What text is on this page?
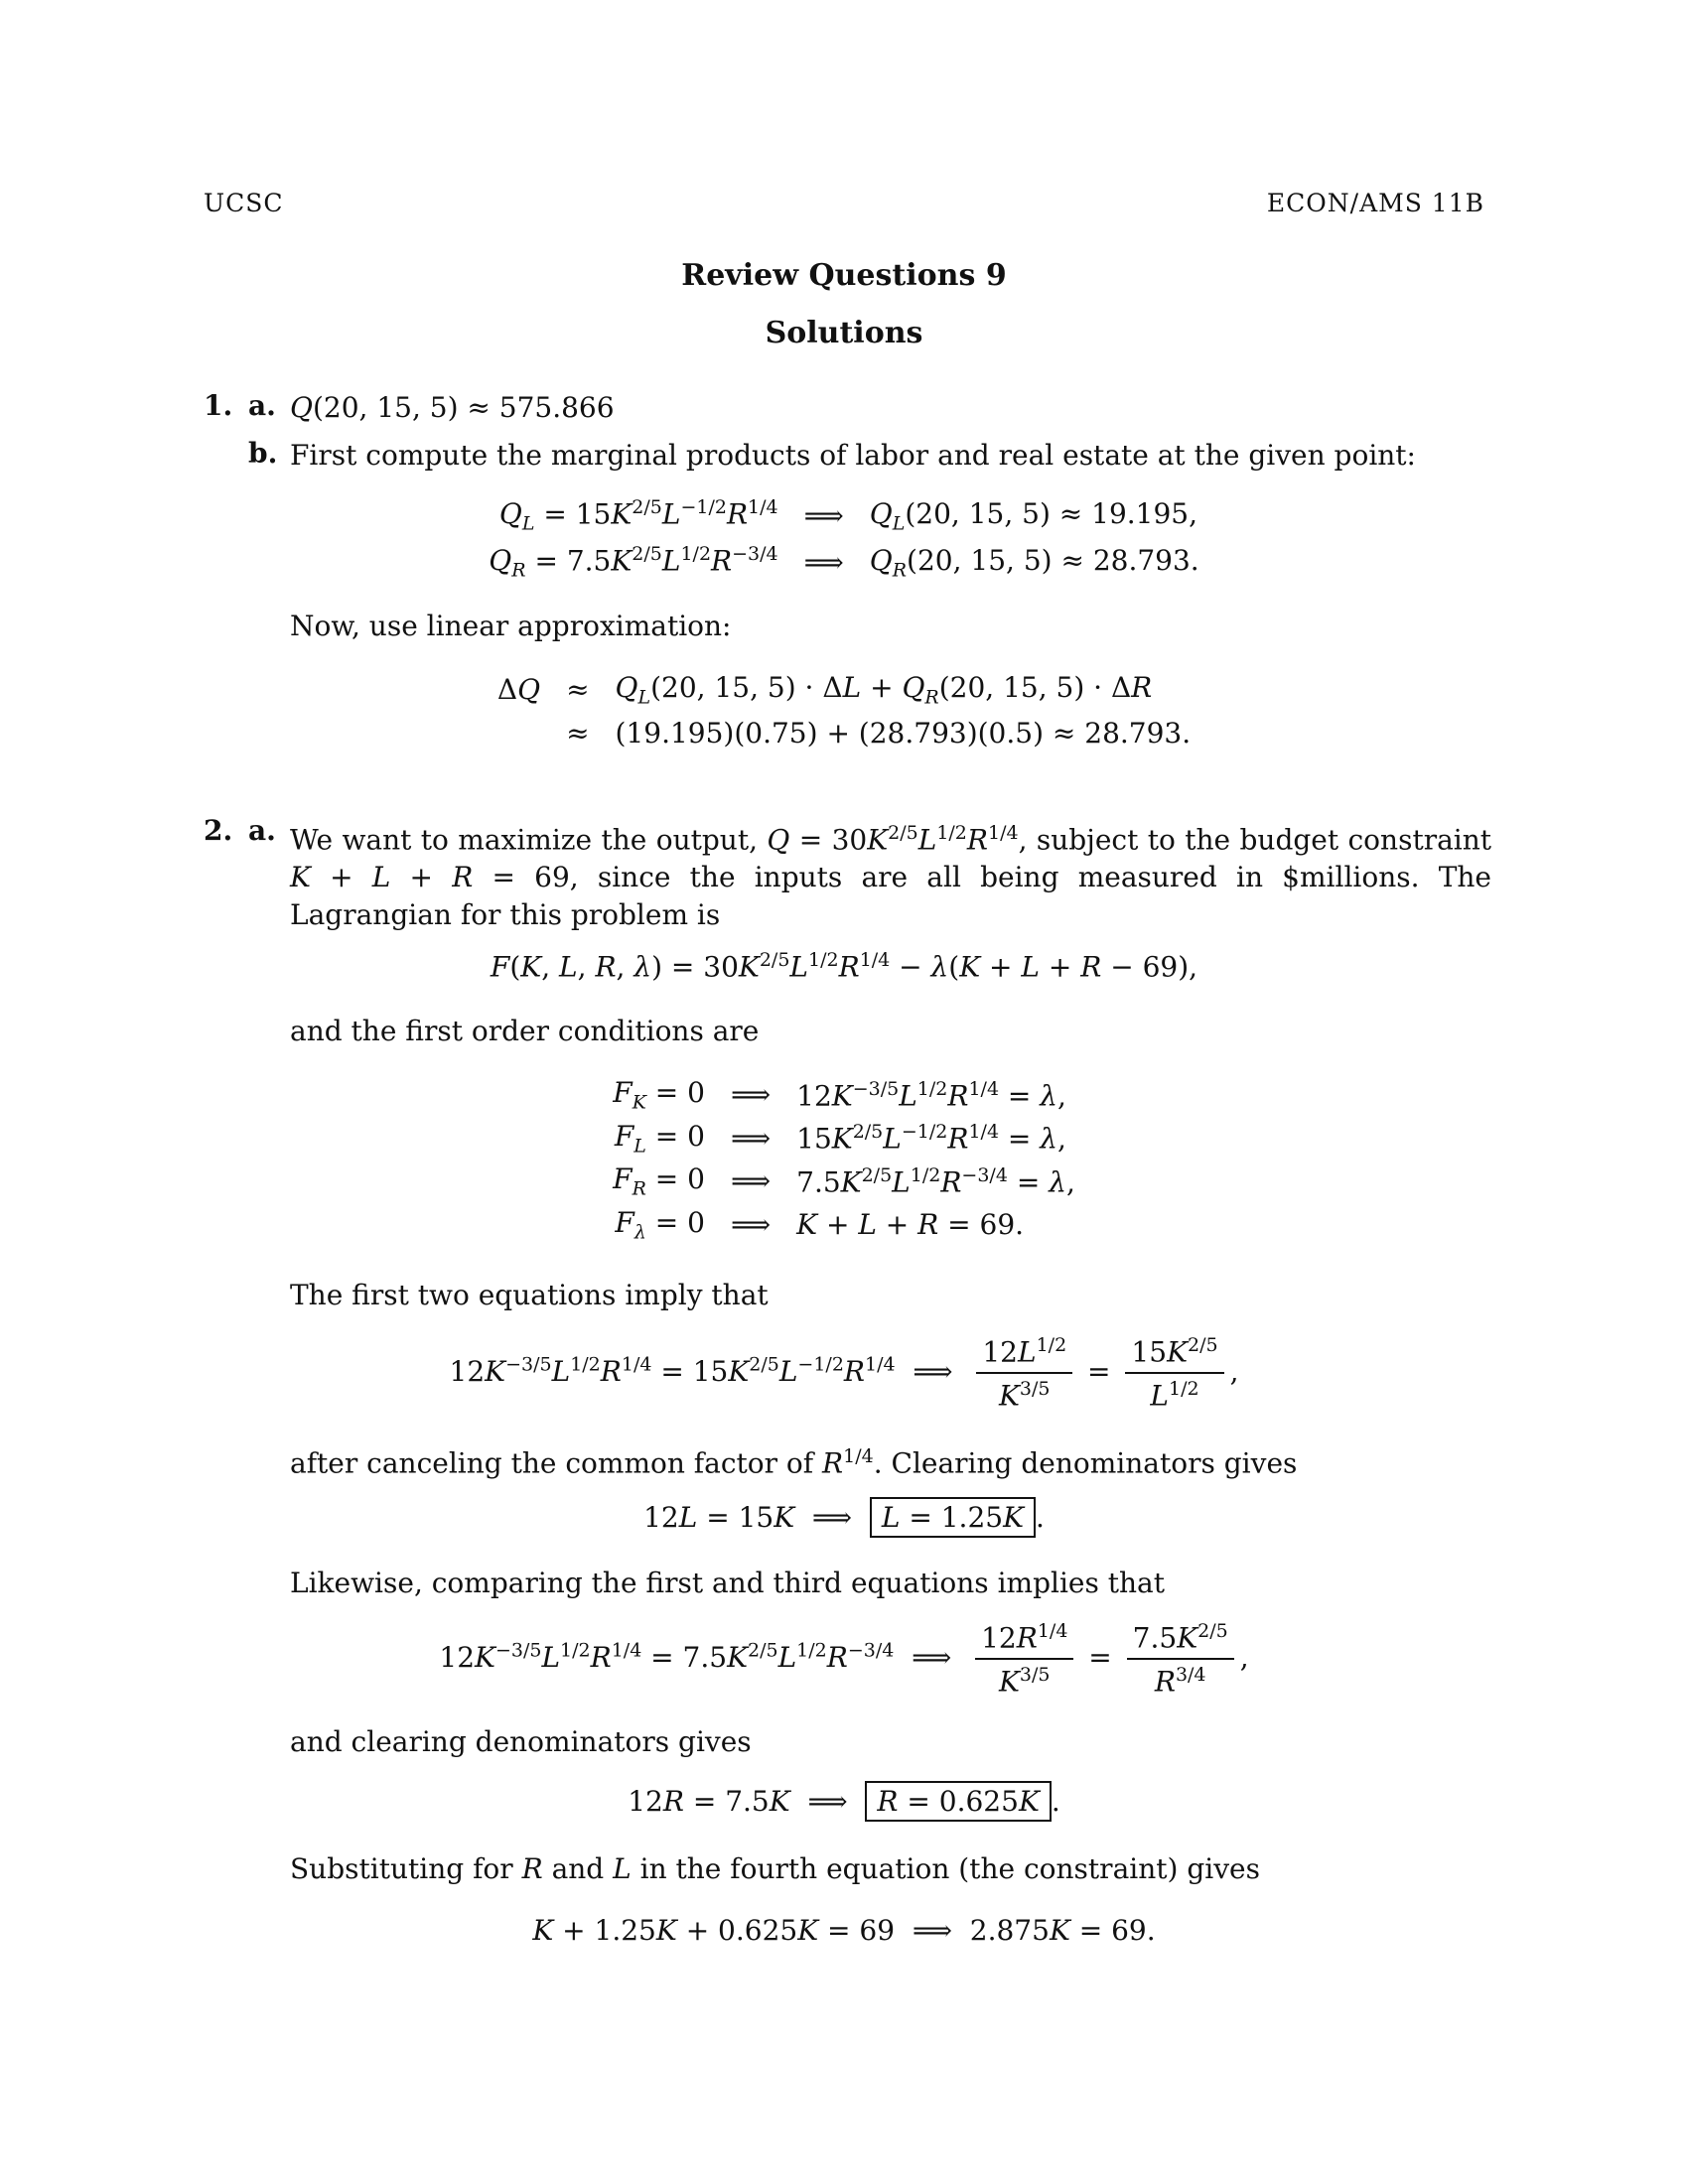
UCSC	ECON/AMS 11B
Review Questions 9
Solutions
1. a. Q(20, 15, 5) ≈ 575.866
b. First compute the marginal products of labor and real estate at the given point:
$Q_L = 15K^{2/5}L^{-1/2}R^{1/4}$ ⟹ $Q_L(20$, 15, 5) ≈ 19.195,
$Q_R = 7.5K^{2/5}L^{1/2}R^{-3/4}$ ⟹ $Q_R(20$, 15, 5) ≈ 28.793.
Now, use linear approximation:
$\Delta Q \approx Q_L(20$, 15, $5) \cdot \Delta L + Q_R(20$, 15, 5) · ΔR
≈ (19.195)(0.75) + (28.793)(0.5) ≈ 28.793.
2. a. We want to maximize the output, $Q = 30K^{2/5}L^{1/2}R^{1/4}$, subject to the budget constraint K + L + R = 69, since the inputs are all being measured in $millions. The Lagrangian for this problem is
F(K, L, R, $\lambda) = 30K^{2/5}L^{1/2}R^{1/4} - \lambda(K + L + R - 69)$,
and the first order conditions are
$F_K = 0$ ⟹ $12K^{-3/5}L^{1/2}R^{1/4} = \lambda$,
$F_L = 0$ ⟹ $15K^{2/5}L^{-1/2}R^{1/4} = \lambda$,
$F_R = 0$ ⟹ $7.5K^{2/5}L^{1/2}R^{-3/4} = \lambda$,
$F_\lambda = 0$ ⟹ K + L + R = 69.
The first two equations imply that
$12K^{-3/5}L^{1/2}R^{1/4} = 15K^{2/5}L^{-1/2}R^{1/4}$  ⟹ $\frac{12L^{1/2}}{K^{3/5}} = \frac{15K^{2/5}}{L^{1/2}}$ ,
after canceling the common factor of $R^{1/4}$. Clearing denominators gives
12L = 15K  ⟹  L = 1.25K .
Likewise, comparing the first and third equations implies that
$12K^{-3/5}L^{1/2}R^{1/4} = 7.5K^{2/5}L^{1/2}R^{-3/4}$  ⟹ $\frac{12R^{1/4}}{K^{3/5}} = \frac{7.5K^{2/5}}{R^{3/4}}$ ,
and clearing denominators gives
12R = 7.5K  ⟹  R = 0.625K .
Substituting for R and L in the fourth equation (the constraint) gives
K + 1.25K + 0.625K = 69  ⟹  2.875K = 69.
